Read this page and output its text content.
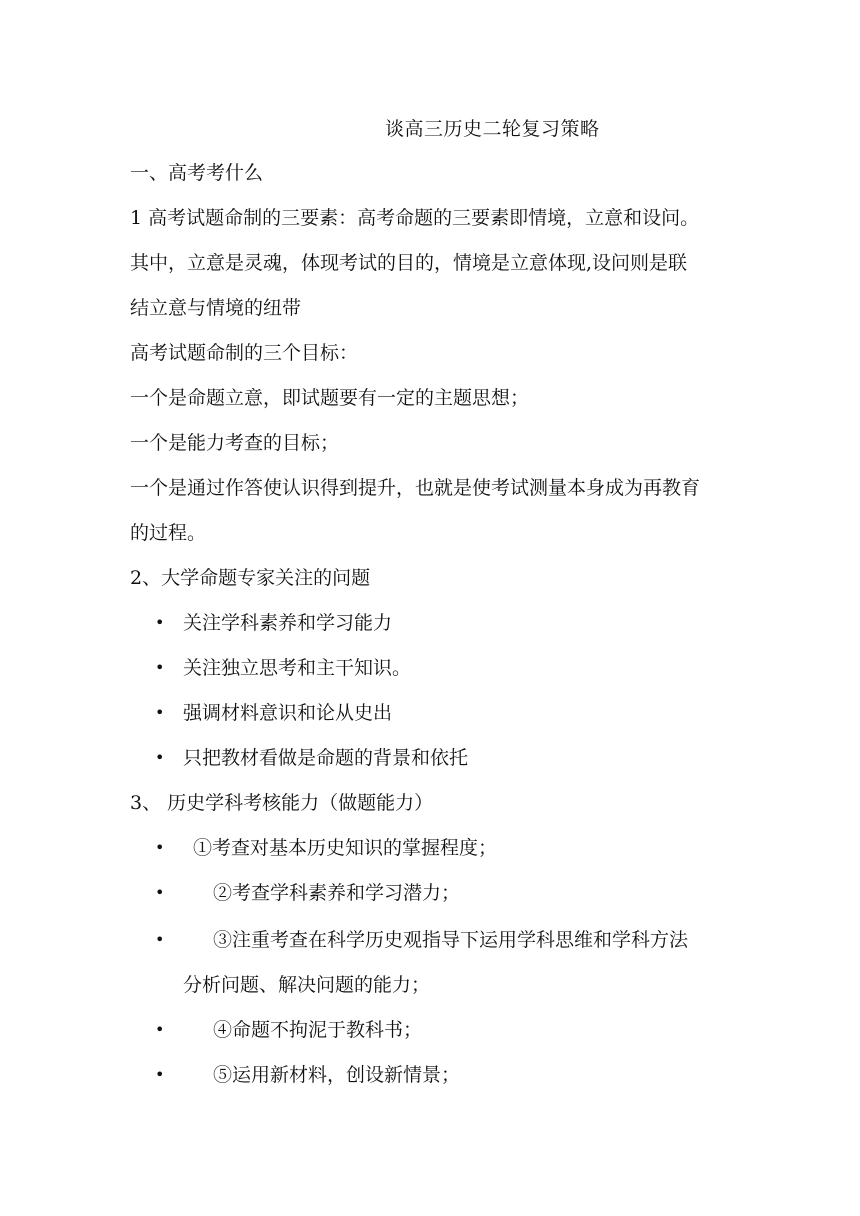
谈高三历史二轮复习策略
一、高考考什么
1 高考试题命制的三要素：高考命题的三要素即情境，立意和设问。
其中，立意是灵魂，体现考试的目的，情境是立意体现,设问则是联
结立意与情境的纽带
高考试题命制的三个目标：
一个是命题立意，即试题要有一定的主题思想；
一个是能力考查的目标；
一个是通过作答使认识得到提升，也就是使考试测量本身成为再教育
的过程。
2、大学命题专家关注的问题
• 关注学科素养和学习能力
• 关注独立思考和主干知识。
• 强调材料意识和论从史出
• 只把教材看做是命题的背景和依托
3、 历史学科考核能力（做题能力）
• ①考查对基本历史知识的掌握程度；
•	②考查学科素养和学习潜力；
•	③注重考查在科学历史观指导下运用学科思维和学科方法
分析问题、解决问题的能力；
•	④命题不拘泥于教科书；
•	⑤运用新材料，创设新情景；
